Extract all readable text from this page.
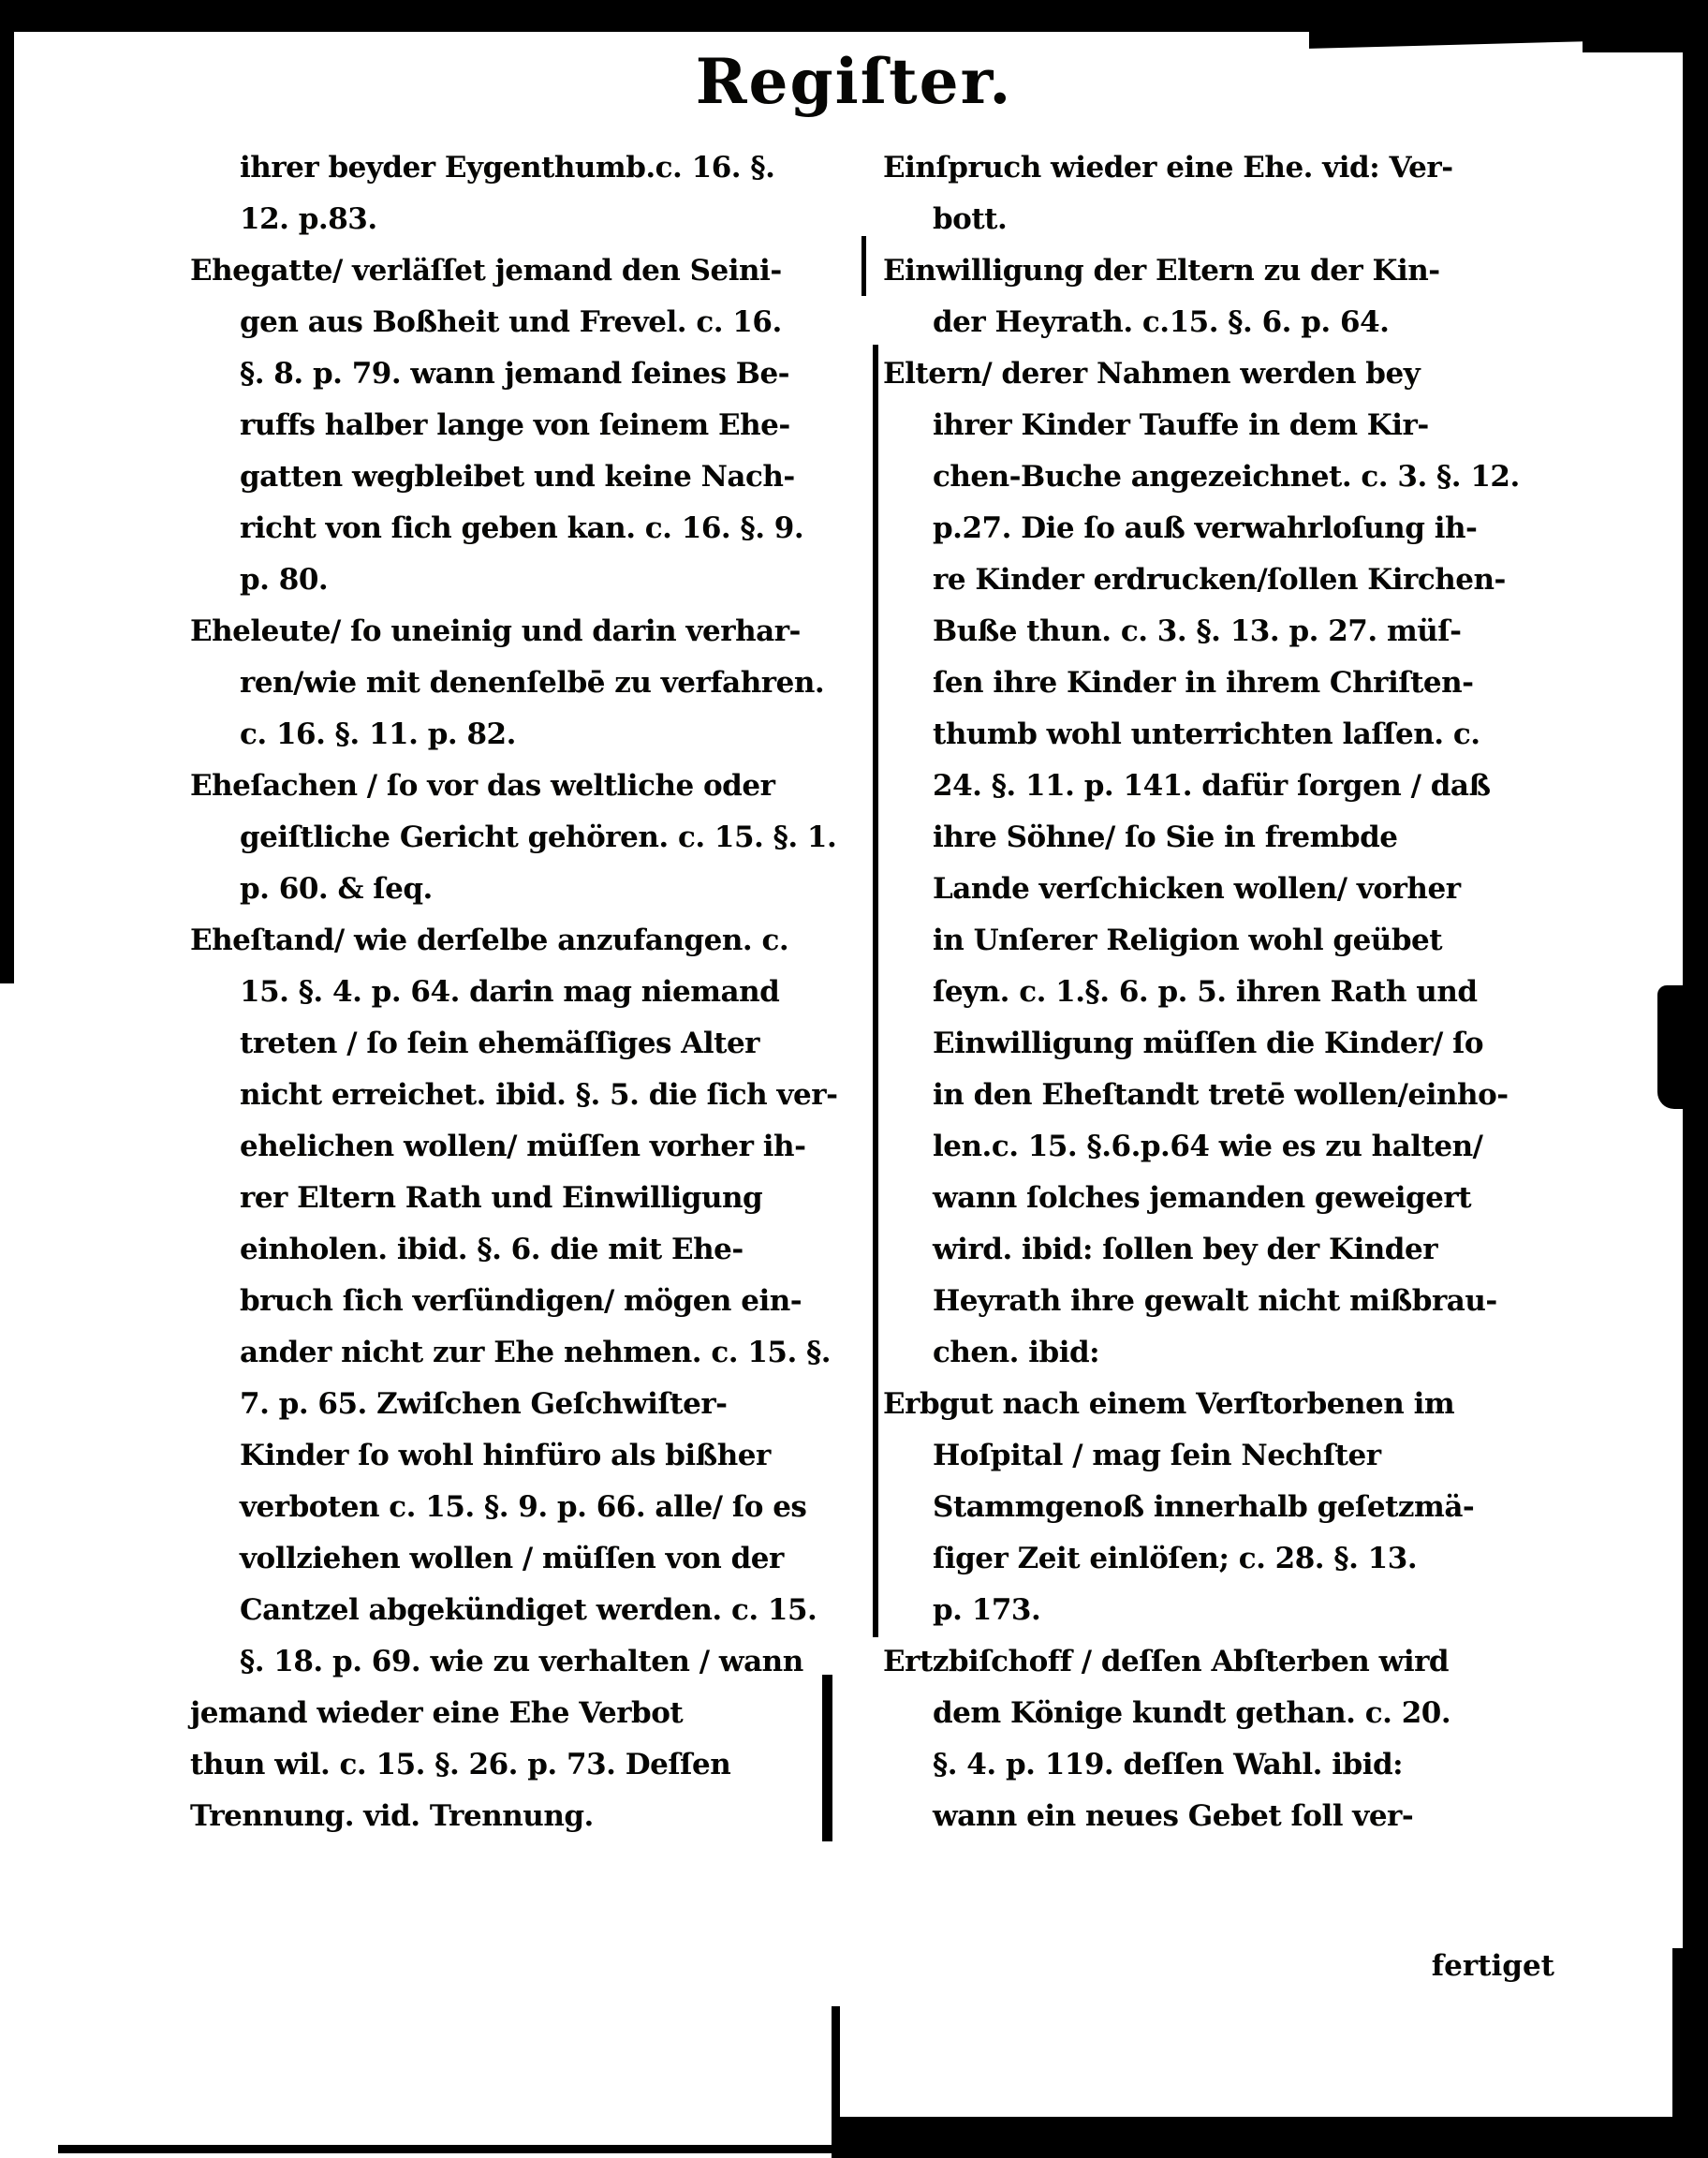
Regiſter.
ihrer beyder Eygenthumb.c. 16. §.
12. p.83.
Ehegatte/ verläſſet jemand den Seini-
gen aus Boßheit und Frevel. c. 16.
§. 8. p. 79. wann jemand ſeines Be-
ruffs halber lange von ſeinem Ehe-
gatten wegbleibet und keine Nach-
richt von ſich geben kan. c. 16. §. 9.
p. 80.
Eheleute/ ſo uneinig und darin verhar-
ren/wie mit denenſelbē zu verfahren.
c. 16. §. 11. p. 82.
Eheſachen / ſo vor das weltliche oder
geiſtliche Gericht gehören. c. 15. §. 1.
p. 60. & ſeq.
Eheſtand/ wie derſelbe anzufangen. c.
15. §. 4. p. 64. darin mag niemand
treten / ſo ſein ehemäſſiges Alter
nicht erreichet. ibid. §. 5. die ſich ver-
ehelichen wollen/ müſſen vorher ih-
rer Eltern Rath und Einwilligung
einholen. ibid. §. 6. die mit Ehe-
bruch ſich verſündigen/ mögen ein-
ander nicht zur Ehe nehmen. c. 15. §.
7. p. 65. Zwiſchen Geſchwiſter-
Kinder ſo wohl hinfüro als bißher
verboten c. 15. §. 9. p. 66. alle/ ſo es
vollziehen wollen / müſſen von der
Cantzel abgekündiget werden. c. 15.
§. 18. p. 69. wie zu verhalten / wann
jemand wieder eine Ehe Verbot
thun wil. c. 15. §. 26. p. 73. Deſſen
Trennung. vid. Trennung.
Einſpruch wieder eine Ehe. vid: Ver-
bott.
Einwilligung der Eltern zu der Kin-
der Heyrath. c.15. §. 6. p. 64.
Eltern/ derer Nahmen werden bey
ihrer Kinder Tauffe in dem Kir-
chen-Buche angezeichnet. c. 3. §. 12.
p.27. Die ſo auß verwahrloſung ih-
re Kinder erdrucken/ſollen Kirchen-
Buße thun. c. 3. §. 13. p. 27. müſ-
ſen ihre Kinder in ihrem Chriſten-
thumb wohl unterrichten laſſen. c.
24. §. 11. p. 141. dafür ſorgen / daß
ihre Söhne/ ſo Sie in frembde
Lande verſchicken wollen/ vorher
in Unſerer Religion wohl geübet
ſeyn. c. 1.§. 6. p. 5. ihren Rath und
Einwilligung müſſen die Kinder/ ſo
in den Eheſtandt tretē wollen/einho-
len.c. 15. §.6.p.64 wie es zu halten/
wann ſolches jemanden geweigert
wird. ibid: ſollen bey der Kinder
Heyrath ihre gewalt nicht mißbrau-
chen. ibid:
Erbgut nach einem Verſtorbenen im
Hoſpital / mag ſein Nechſter
Stammgenoß innerhalb geſetzmä-
ſiger Zeit einlöſen; c. 28. §. 13.
p. 173.
Ertzbiſchoff / deſſen Abſterben wird
dem Könige kundt gethan. c. 20.
§. 4. p. 119. deſſen Wahl. ibid:
wann ein neues Gebet ſoll ver-
fertiget
